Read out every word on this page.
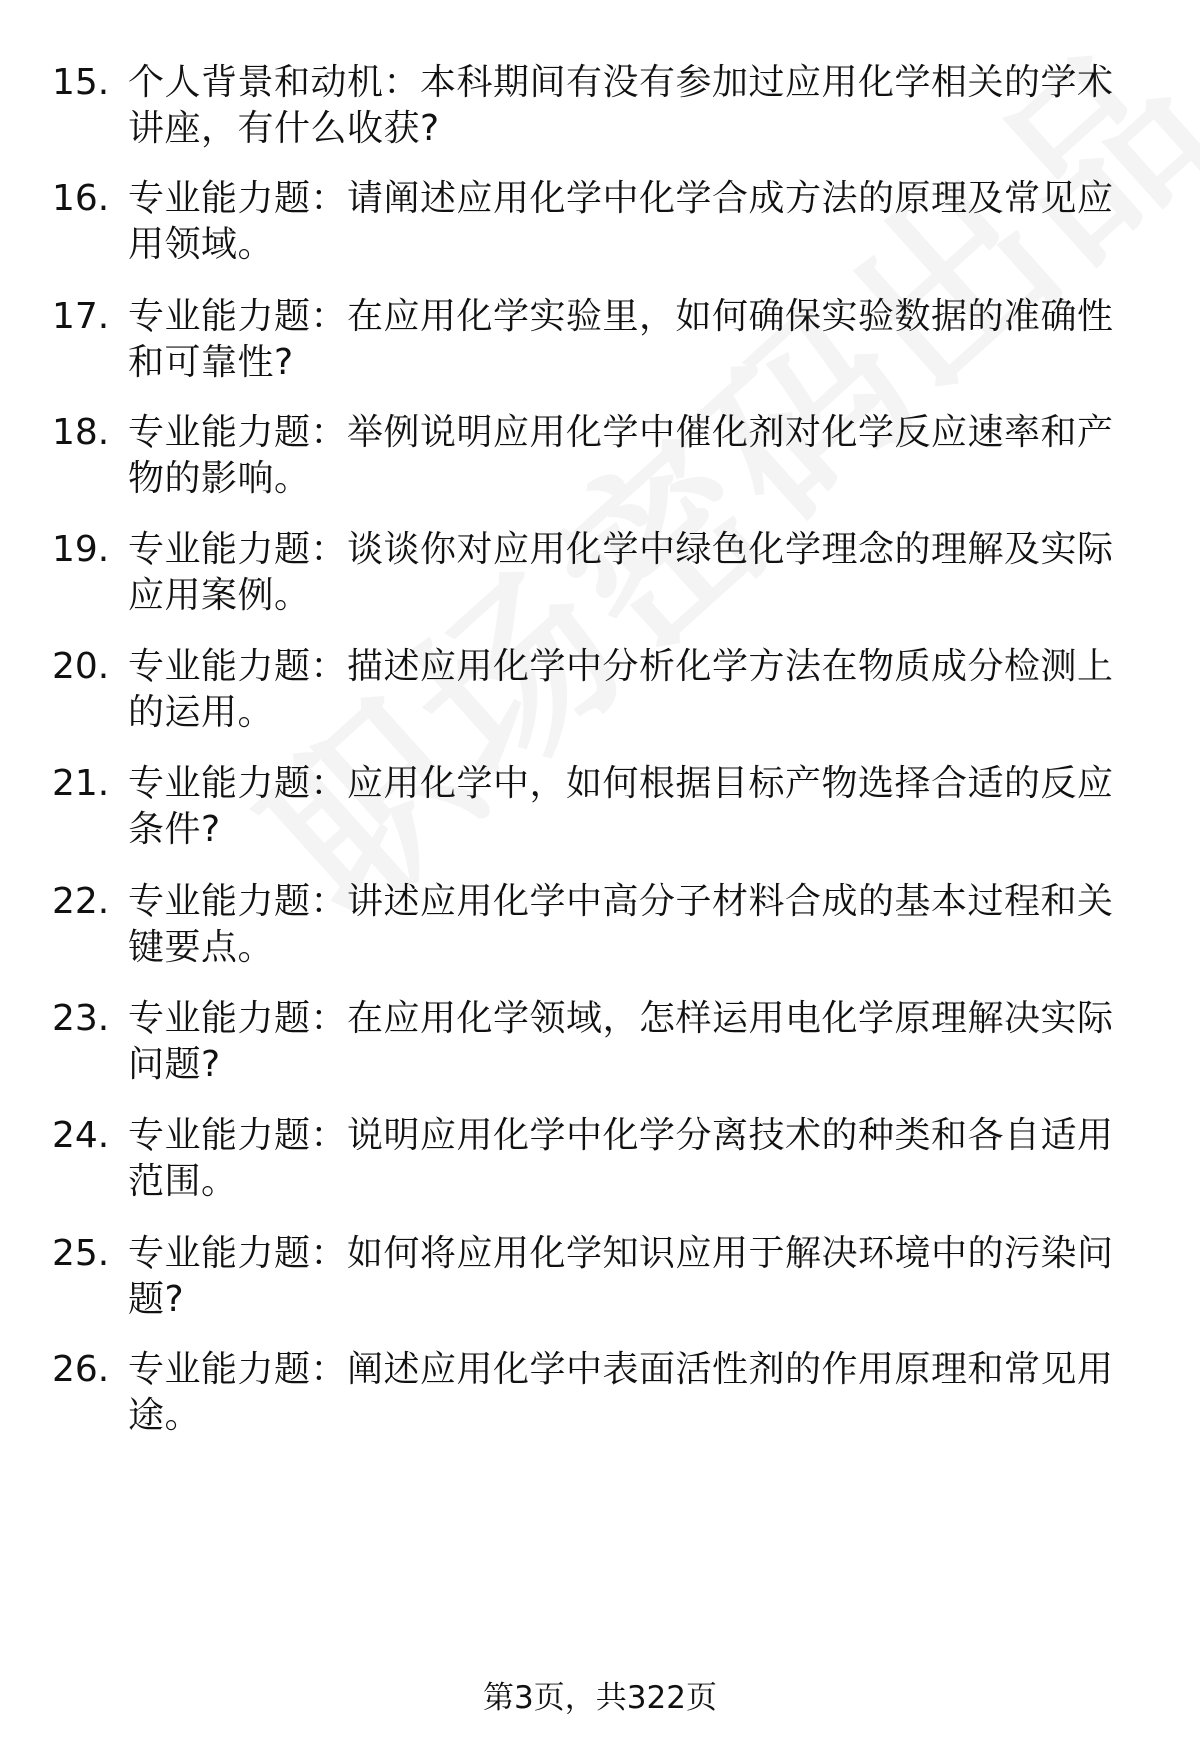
15. 个人背景和动机：本科期间有没有参加过应用化学相关的学术讲座，有什么收获?
16. 专业能力题：请阐述应用化学中化学合成方法的原理及常见应用领域。
17. 专业能力题：在应用化学实验里，如何确保实验数据的准确性和可靠性?
18. 专业能力题：举例说明应用化学中催化剂对化学反应速率和产物的影响。
19. 专业能力题：谈谈你对应用化学中绿色化学理念的理解及实际应用案例。
20. 专业能力题：描述应用化学中分析化学方法在物质成分检测上的运用。
21. 专业能力题：应用化学中，如何根据目标产物选择合适的反应条件?
22. 专业能力题：讲述应用化学中高分子材料合成的基本过程和关键要点。
23. 专业能力题：在应用化学领域，怎样运用电化学原理解决实际问题?
24. 专业能力题：说明应用化学中化学分离技术的种类和各自适用范围。
25. 专业能力题：如何将应用化学知识应用于解决环境中的污染问题?
26. 专业能力题：阐述应用化学中表面活性剂的作用原理和常见用途。
第3页，共322页
